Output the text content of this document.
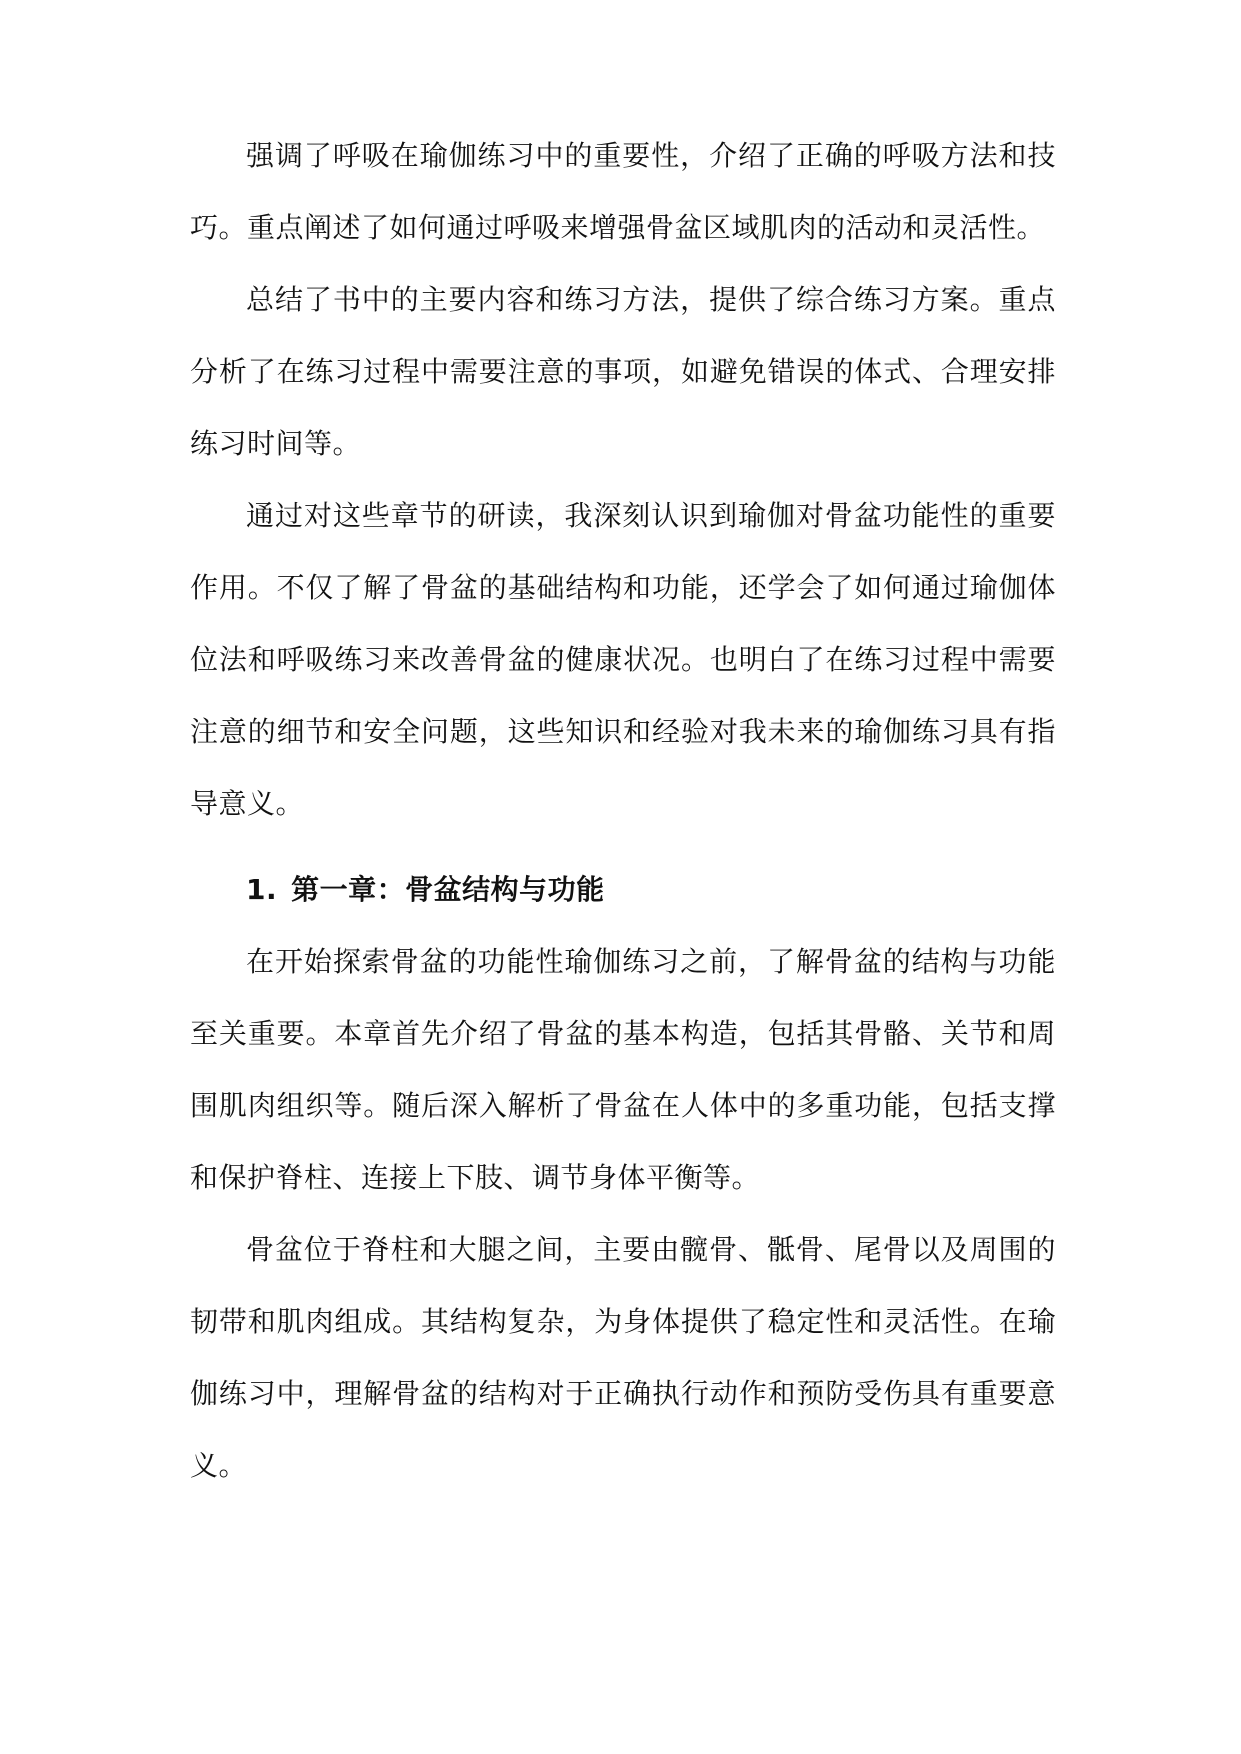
强调了呼吸在瑜伽练习中的重要性，介绍了正确的呼吸方法和技巧。重点阐述了如何通过呼吸来增强骨盆区域肌肉的活动和灵活性。

总结了书中的主要内容和练习方法，提供了综合练习方案。重点分析了在练习过程中需要注意的事项，如避免错误的体式、合理安排练习时间等。

通过对这些章节的研读，我深刻认识到瑜伽对骨盆功能性的重要作用。不仅了解了骨盆的基础结构和功能，还学会了如何通过瑜伽体位法和呼吸练习来改善骨盆的健康状况。也明白了在练习过程中需要注意的细节和安全问题，这些知识和经验对我未来的瑜伽练习具有指导意义。

1. 第一章：骨盆结构与功能

在开始探索骨盆的功能性瑜伽练习之前，了解骨盆的结构与功能至关重要。本章首先介绍了骨盆的基本构造，包括其骨骼、关节和周围肌肉组织等。随后深入解析了骨盆在人体中的多重功能，包括支撑和保护脊柱、连接上下肢、调节身体平衡等。

骨盆位于脊柱和大腿之间，主要由髋骨、骶骨、尾骨以及周围的韧带和肌肉组成。其结构复杂，为身体提供了稳定性和灵活性。在瑜伽练习中，理解骨盆的结构对于正确执行动作和预防受伤具有重要意义。
